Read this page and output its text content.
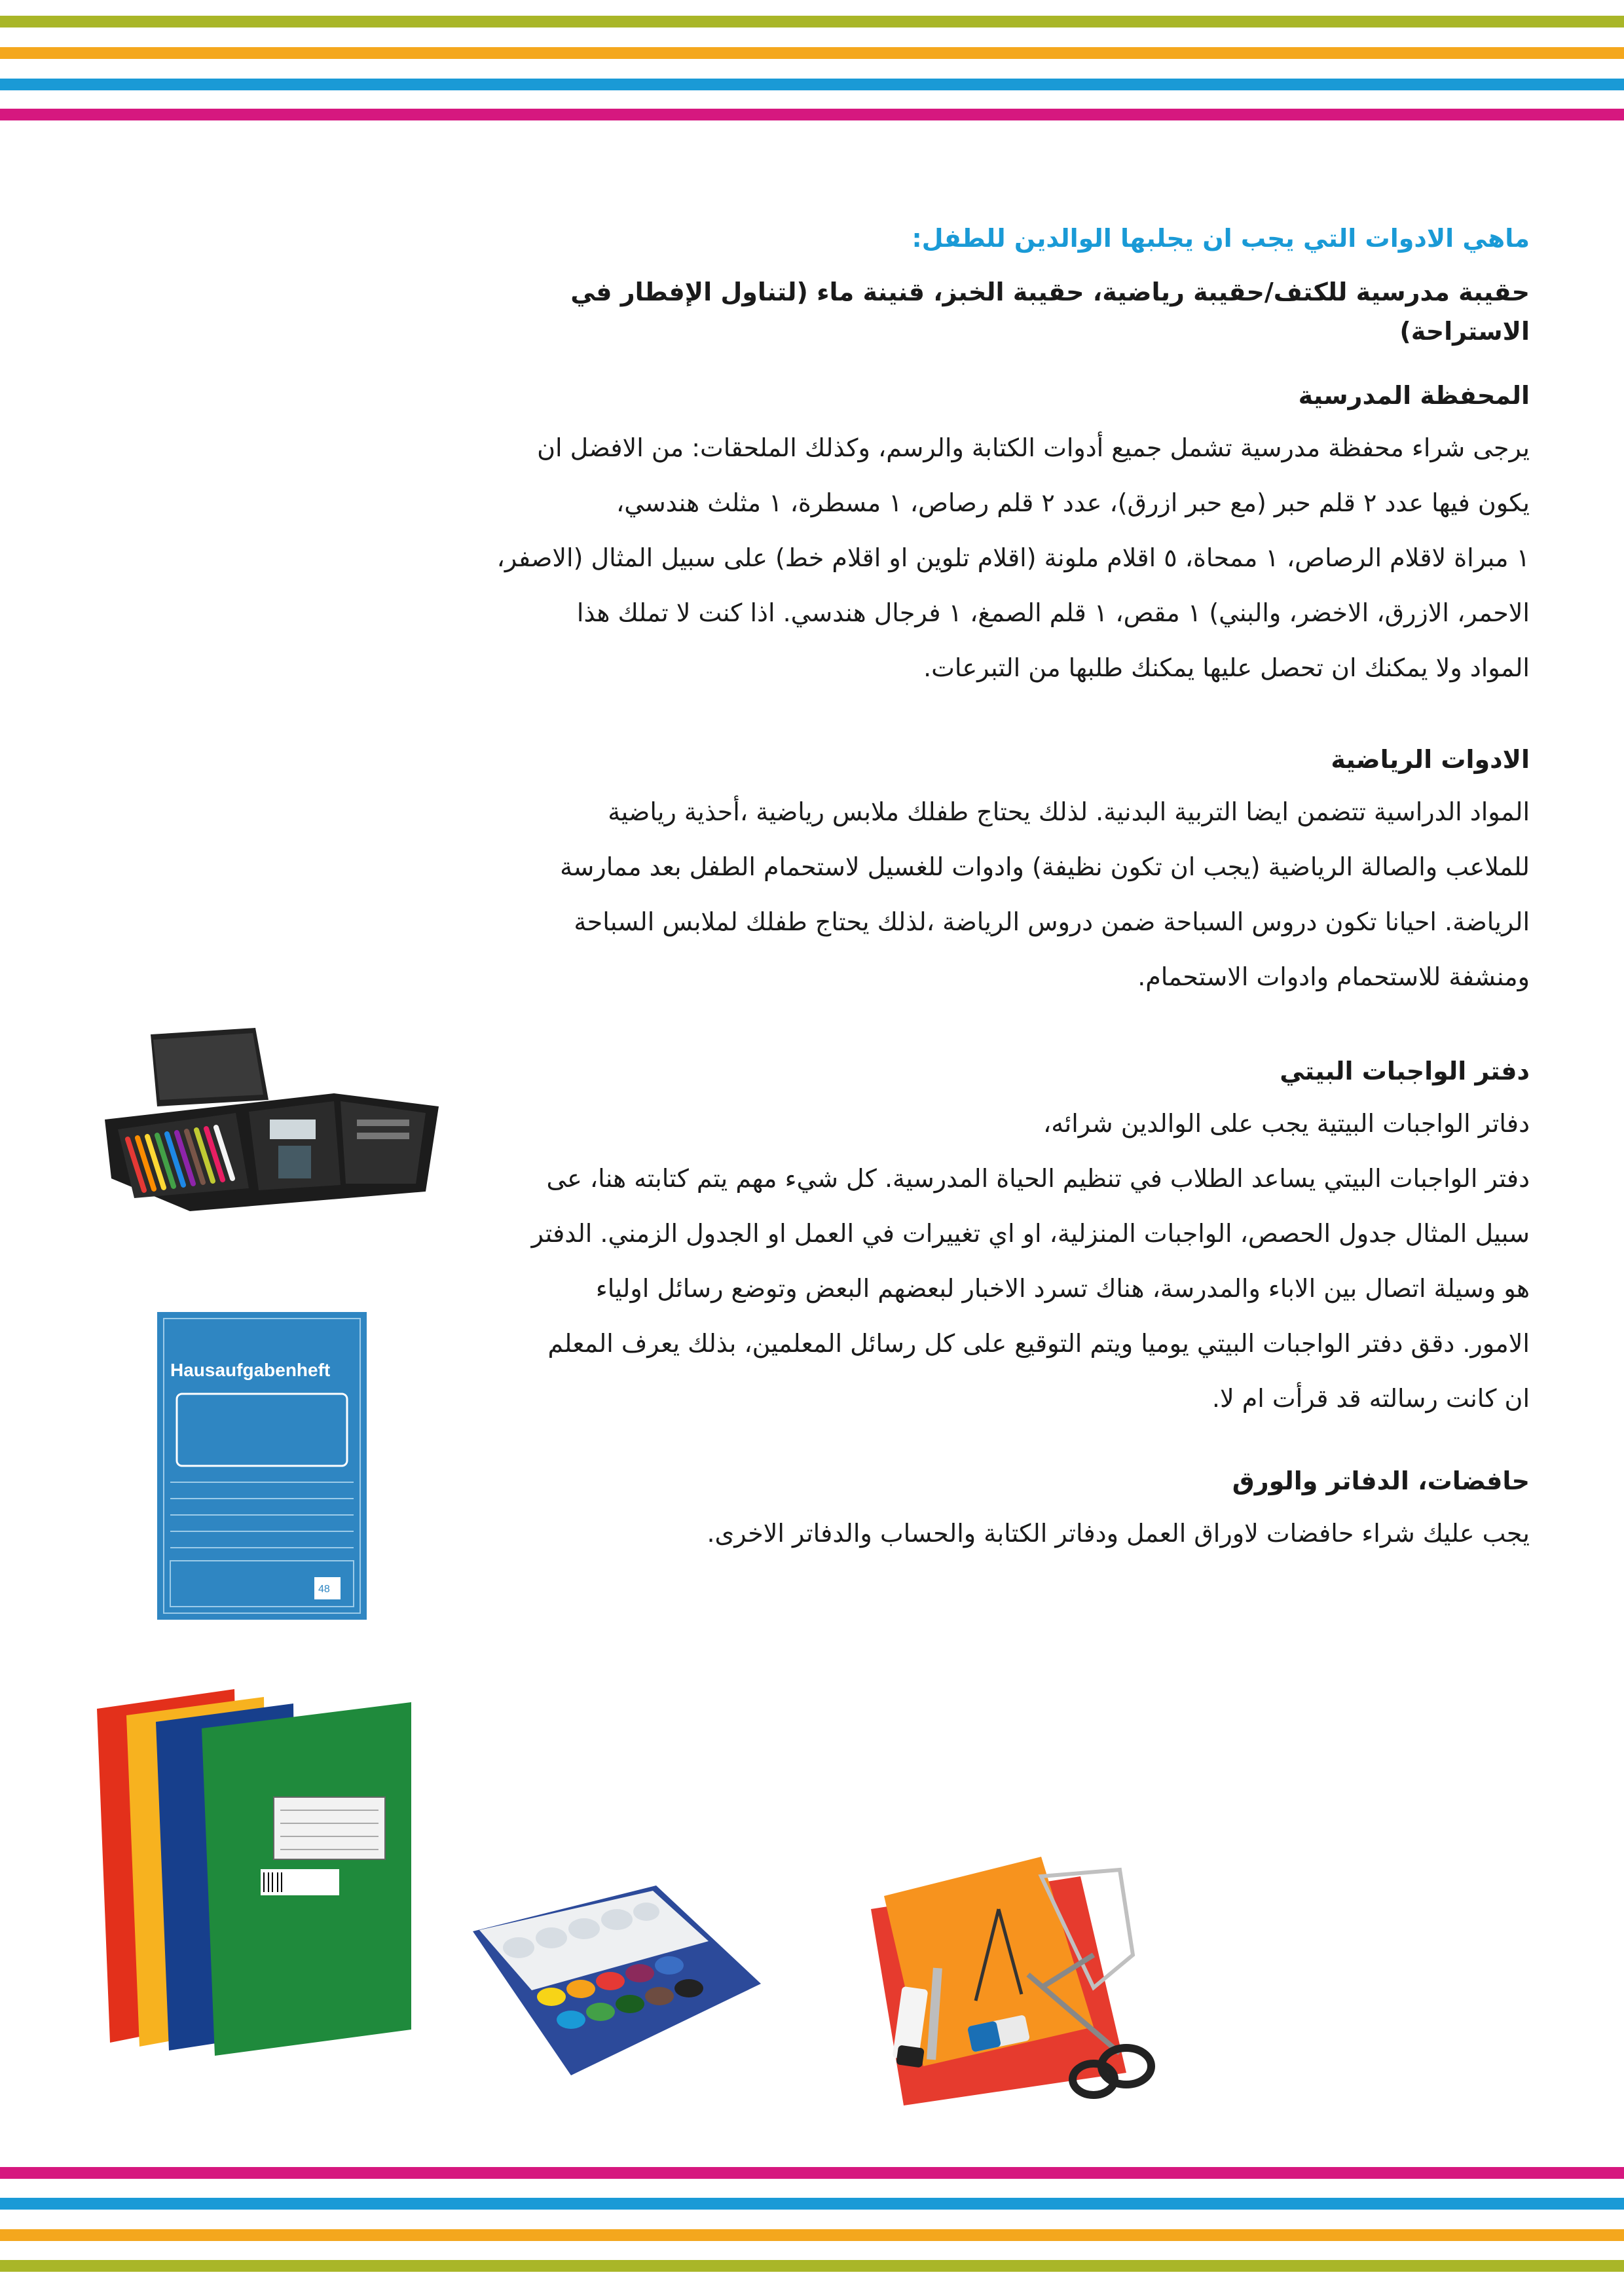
ماهي الادوات التي يجب ان يجلبها الوالدين للطفل:

حقيبة مدرسية للكتف/حقيبة رياضية، حقيبة الخبز، قنينة ماء (لتناول الإفطار في الاستراحة)

المحفظة المدرسية

يرجى شراء محفظة مدرسية تشمل جميع أدوات الكتابة والرسم، وكذلك الملحقات: من الافضل ان

يكون فيها عدد ٢ قلم حبر (مع حبر ازرق)، عدد ٢ قلم رصاص، ١ مسطرة، ١ مثلث هندسي،

١ مبراة لاقلام الرصاص، ١ ممحاة، ٥ اقلام ملونة (اقلام تلوين او اقلام خط) على سبيل المثال (الاصفر،

الاحمر، الازرق، الاخضر، والبني) ١ مقص، ١ قلم الصمغ، ١ فرجال هندسي. اذا كنت لا تملك هذا

المواد ولا يمكنك ان تحصل عليها يمكنك طلبها من التبرعات.

الادوات الرياضية

المواد الدراسية تتضمن ايضا التربية البدنية. لذلك يحتاج طفلك ملابس رياضية ،أحذية رياضية

للملاعب والصالة الرياضية (يجب ان تكون نظيفة) وادوات للغسيل لاستحمام الطفل بعد ممارسة

الرياضة. احيانا تكون دروس السباحة ضمن دروس الرياضة ،لذلك يحتاج طفلك لملابس السباحة

ومنشفة للاستحمام وادوات الاستحمام.

دفتر الواجبات البيتي

دفاتر الواجبات البيتية يجب على الوالدين شرائه،

دفتر الواجبات البيتي يساعد الطلاب في تنظيم الحياة المدرسية. كل شيء مهم يتم كتابته هنا، عى

سبيل المثال جدول الحصص، الواجبات المنزلية، او اي تغييرات في العمل او الجدول الزمني. الدفتر

هو وسيلة اتصال بين الاباء والمدرسة، هناك تسرد الاخبار لبعضهم البعض وتوضع رسائل اولياء

الامور. دقق دفتر الواجبات البيتي يوميا ويتم التوقيع على كل رسائل المعلمين، بذلك يعرف المعلم

ان كانت رسالته قد قرأت ام لا.

حافضات، الدفاتر والورق

يجب عليك شراء حافضات لاوراق العمل ودفاتر الكتابة والحساب والدفاتر الاخرى.

Hausaufgabenheft
48
